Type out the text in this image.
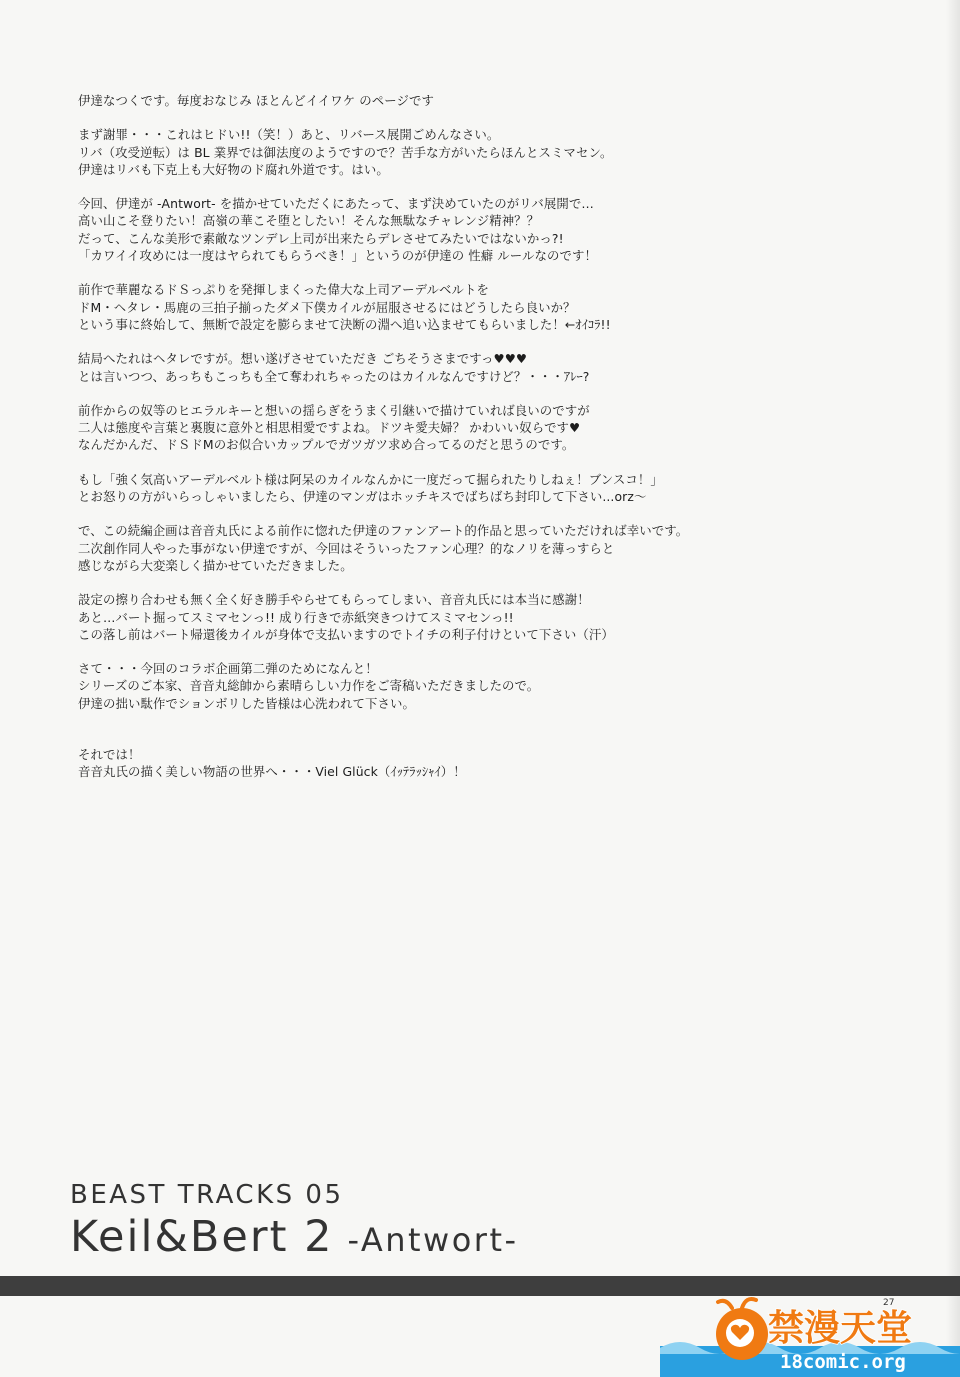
伊達なつくです。毎度おなじみ ほとんどイイワケ のページです
まず謝罪・・・これはヒドい!!（笑！）あと、リバース展開ごめんなさい。
リバ（攻受逆転）は BL 業界では御法度のようですので？苦手な方がいたらほんとスミマセン。
伊達はリバも下克上も大好物のド腐れ外道です。はい。
今回、伊達が -Antwort- を描かせていただくにあたって、まず決めていたのがリバ展開で…
高い山こそ登りたい！高嶺の華こそ堕としたい！そんな無駄なチャレンジ精神？？
だって、こんな美形で素敵なツンデレ上司が出来たらデレさせてみたいではないかっ?!
「カワイイ攻めには一度はヤられてもらうべき！」というのが伊達の 性癖 ルールなのです！
前作で華麗なるドＳっぷりを発揮しまくった偉大な上司アーデルベルトを
ドM・ヘタレ・馬鹿の三拍子揃ったダメ下僕カイルが屈服させるにはどうしたら良いか？
という事に終始して、無断で設定を膨らませて決断の淵へ追い込ませてもらいました！←ｵｲｺﾗ!!
結局へたれはヘタレですが。想い遂げさせていただき ごちそうさまですっ♥♥♥
とは言いつつ、あっちもこっちも全て奪われちゃったのはカイルなんですけど？・・・ｱﾚｰ?
前作からの奴等のヒエラルキーと想いの揺らぎをうまく引継いで描けていれば良いのですが
二人は態度や言葉と裏腹に意外と相思相愛ですよね。ドツキ愛夫婦？ かわいい奴らです♥
なんだかんだ、ドＳドMのお似合いカップルでガツガツ求め合ってるのだと思うのです。
もし「強く気高いアーデルベルト様は阿呆のカイルなんかに一度だって掘られたりしねぇ！ブンスコ！」
とお怒りの方がいらっしゃいましたら、伊達のマンガはホッチキスでばちばち封印して下さい...orz～
で、この続編企画は音音丸氏による前作に惚れた伊達のファンアート的作品と思っていただければ幸いです。
二次創作同人やった事がない伊達ですが、今回はそういったファン心理？的なノリを薄っすらと
感じながら大変楽しく描かせていただきました。
設定の擦り合わせも無く全く好き勝手やらせてもらってしまい、音音丸氏には本当に感謝！
あと…バート掘ってスミマセンっ!! 成り行きで赤紙突きつけてスミマセンっ!!
この落し前はバート帰還後カイルが身体で支払いますのでトイチの利子付けといて下さい（汗）
さて・・・今回のコラボ企画第二弾のためになんと！
シリーズのご本家、音音丸総帥から素晴らしい力作をご寄稿いただきましたので。
伊達の拙い駄作でションボリした皆様は心洗われて下さい。
それでは！
音音丸氏の描く美しい物語の世界へ・・・Viel Glück（ｲｯﾃﾗｯｼｬｲ）！
BEAST TRACKS 05
Keil&Bert 2 -Antwort-
27
禁漫天堂
18comic.org
